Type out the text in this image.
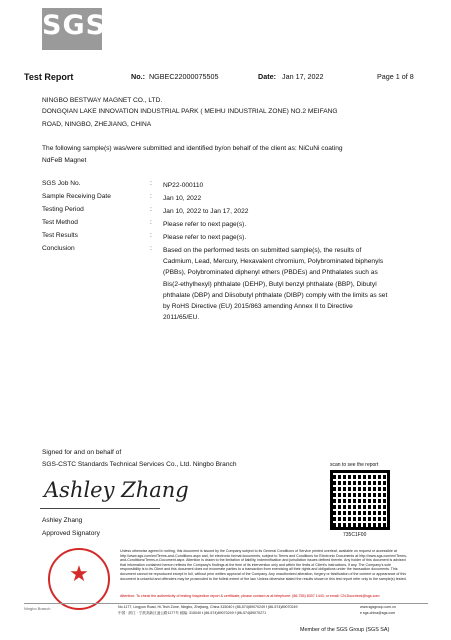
SGS
Test Report	No.: NGBEC22000075505	Date: Jan 17, 2022	Page 1 of 8
NINGBO BESTWAY MAGNET CO., LTD.
DONGQIAN LAKE INNOVATION INDUSTRIAL PARK ( MEIHU INDUSTRIAL ZONE) NO.2 MEIFANG
ROAD, NINGBO, ZHEJIANG, CHINA
The following sample(s) was/were submitted and identified by/on behalf of the client as: NiCuNi coating
NdFeB Magnet
SGS Job No.	: NP22-000110
Sample Receiving Date	: Jan 10, 2022
Testing Period	: Jan 10, 2022 to Jan 17, 2022
Test Method	: Please refer to next page(s).
Test Results	: Please refer to next page(s).
Conclusion	: Based on the performed tests on submitted sample(s), the results of
Cadmium, Lead, Mercury, Hexavalent chromium, Polybrominated biphenyls
(PBBs), Polybrominated diphenyl ethers (PBDEs) and Phthalates such as
Bis(2-ethylhexyl) phthalate (DEHP), Butyl benzyl phthalate (BBP), Dibutyl
phthalate (DBP) and Diisobutyl phthalate (DIBP) comply with the limits as set
by RoHS Directive (EU) 2015/863 amending Annex II to Directive
2011/65/EU.
Signed for and on behalf of
SGS-CSTC Standards Technical Services Co., Ltd. Ningbo Branch
Ashley Zhang
Ashley Zhang
Approved Signatory
scan to see the report
735C1F00
★
Unless otherwise agreed in writing, this document is issued by the Company subject to its General Conditions of Service printed overleaf, available on request or accessible at http://www.sgs.com/en/Terms-and-Conditions.aspx and, for electronic format documents, subject to Terms and Conditions for Electronic Documents at http://www.sgs.com/en/Terms-and-Conditions/Terms-e-Document.aspx. Attention is drawn to the limitation of liability, indemnification and jurisdiction issues defined therein. Any holder of this document is advised that information contained hereon reflects the Company's findings at the time of its intervention only and within the limits of Client's instructions, if any. The Company's sole responsibility is to its Client and this document does not exonerate parties to a transaction from exercising all their rights and obligations under the transaction documents. This document cannot be reproduced except in full, without prior written approval of the Company. Any unauthorized alteration, forgery or falsification of the content or appearance of this document is unlawful and offenders may be prosecuted to the fullest extent of the law. Unless otherwise stated the results shown in this test report refer only to the sample(s) tested.
Attention: To check the authenticity of testing /inspection report & certificate, please contact us at telephone: (86-755) 8307 1443, or email: CN.Doccheck@sgs.com
Ningbo Branch	No.1177, Lingyun Road, Hi-Tech Zone, Ningbo, Zhejiang, China 315040 t (86-574)89070249 f (86-574)89070249
中国 · 浙江 · 宁波高新区凌云路1177号 邮编: 315040 t (86-574)89070249 f (86-574)89070271
www.sgsgroup.com.cn
e sgs.china@sgs.com
Member of the SGS Group (SGS SA)
